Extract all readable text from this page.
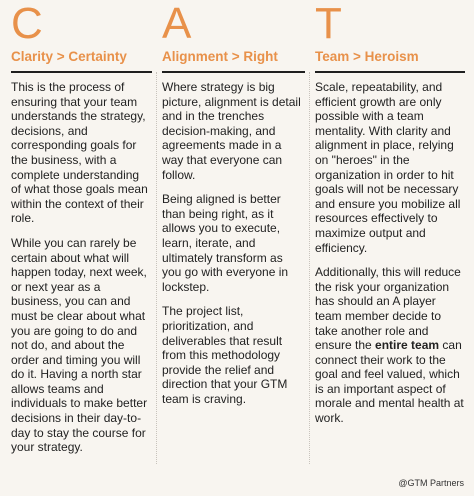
C
Clarity > Certainty

This is the process of ensuring that your team understands the strategy, decisions, and corresponding goals for the business, with a complete understanding of what those goals mean within the context of their role.

While you can rarely be certain about what will happen today, next week, or next year as a business, you can and must be clear about what you are going to do and not do, and about the order and timing you will do it. Having a north star allows teams and individuals to make better decisions in their day-to-day to stay the course for your strategy.

A
Alignment > Right

Where strategy is big picture, alignment is detail and in the trenches decision-making, and agreements made in a way that everyone can follow.

Being aligned is better than being right, as it allows you to execute, learn, iterate, and ultimately transform as you go with everyone in lockstep.

The project list, prioritization, and deliverables that result from this methodology provide the relief and direction that your GTM team is craving.

T
Team > Heroism

Scale, repeatability, and efficient growth are only possible with a team mentality. With clarity and alignment in place, relying on "heroes" in the organization in order to hit goals will not be necessary and ensure you mobilize all resources effectively to maximize output and efficiency.

Additionally, this will reduce the risk your organization has should an A player team member decide to take another role and ensure the entire team can connect their work to the goal and feel valued, which is an important aspect of morale and mental health at work.

@GTM Partners
